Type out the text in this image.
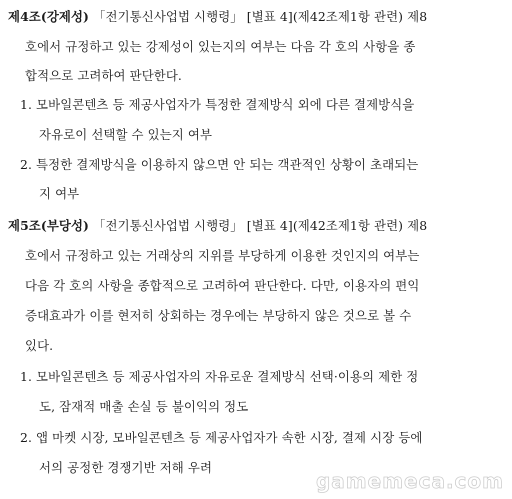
제4조(강제성) 「전기통신사업법 시행령」 [별표 4](제42조제1항 관련) 제8
호에서 규정하고 있는 강제성이 있는지의 여부는 다음 각 호의 사항을 종
합적으로 고려하여 판단한다.
1. 모바일콘텐츠 등 제공사업자가 특정한 결제방식 외에 다른 결제방식을
자유로이 선택할 수 있는지 여부
2. 특정한 결제방식을 이용하지 않으면 안 되는 객관적인 상황이 초래되는
지 여부
제5조(부당성) 「전기통신사업법 시행령」 [별표 4](제42조제1항 관련) 제8
호에서 규정하고 있는 거래상의 지위를 부당하게 이용한 것인지의 여부는
다음 각 호의 사항을 종합적으로 고려하여 판단한다. 다만, 이용자의 편익
증대효과가 이를 현저히 상회하는 경우에는 부당하지 않은 것으로 볼 수
있다.
1. 모바일콘텐츠 등 제공사업자의 자유로운 결제방식 선택·이용의 제한 정
도, 잠재적 매출 손실 등 불이익의 정도
2. 앱 마켓 시장, 모바일콘텐츠 등 제공사업자가 속한 시장, 결제 시장 등에
서의 공정한 경쟁기반 저해 우려
gamemeca.com
